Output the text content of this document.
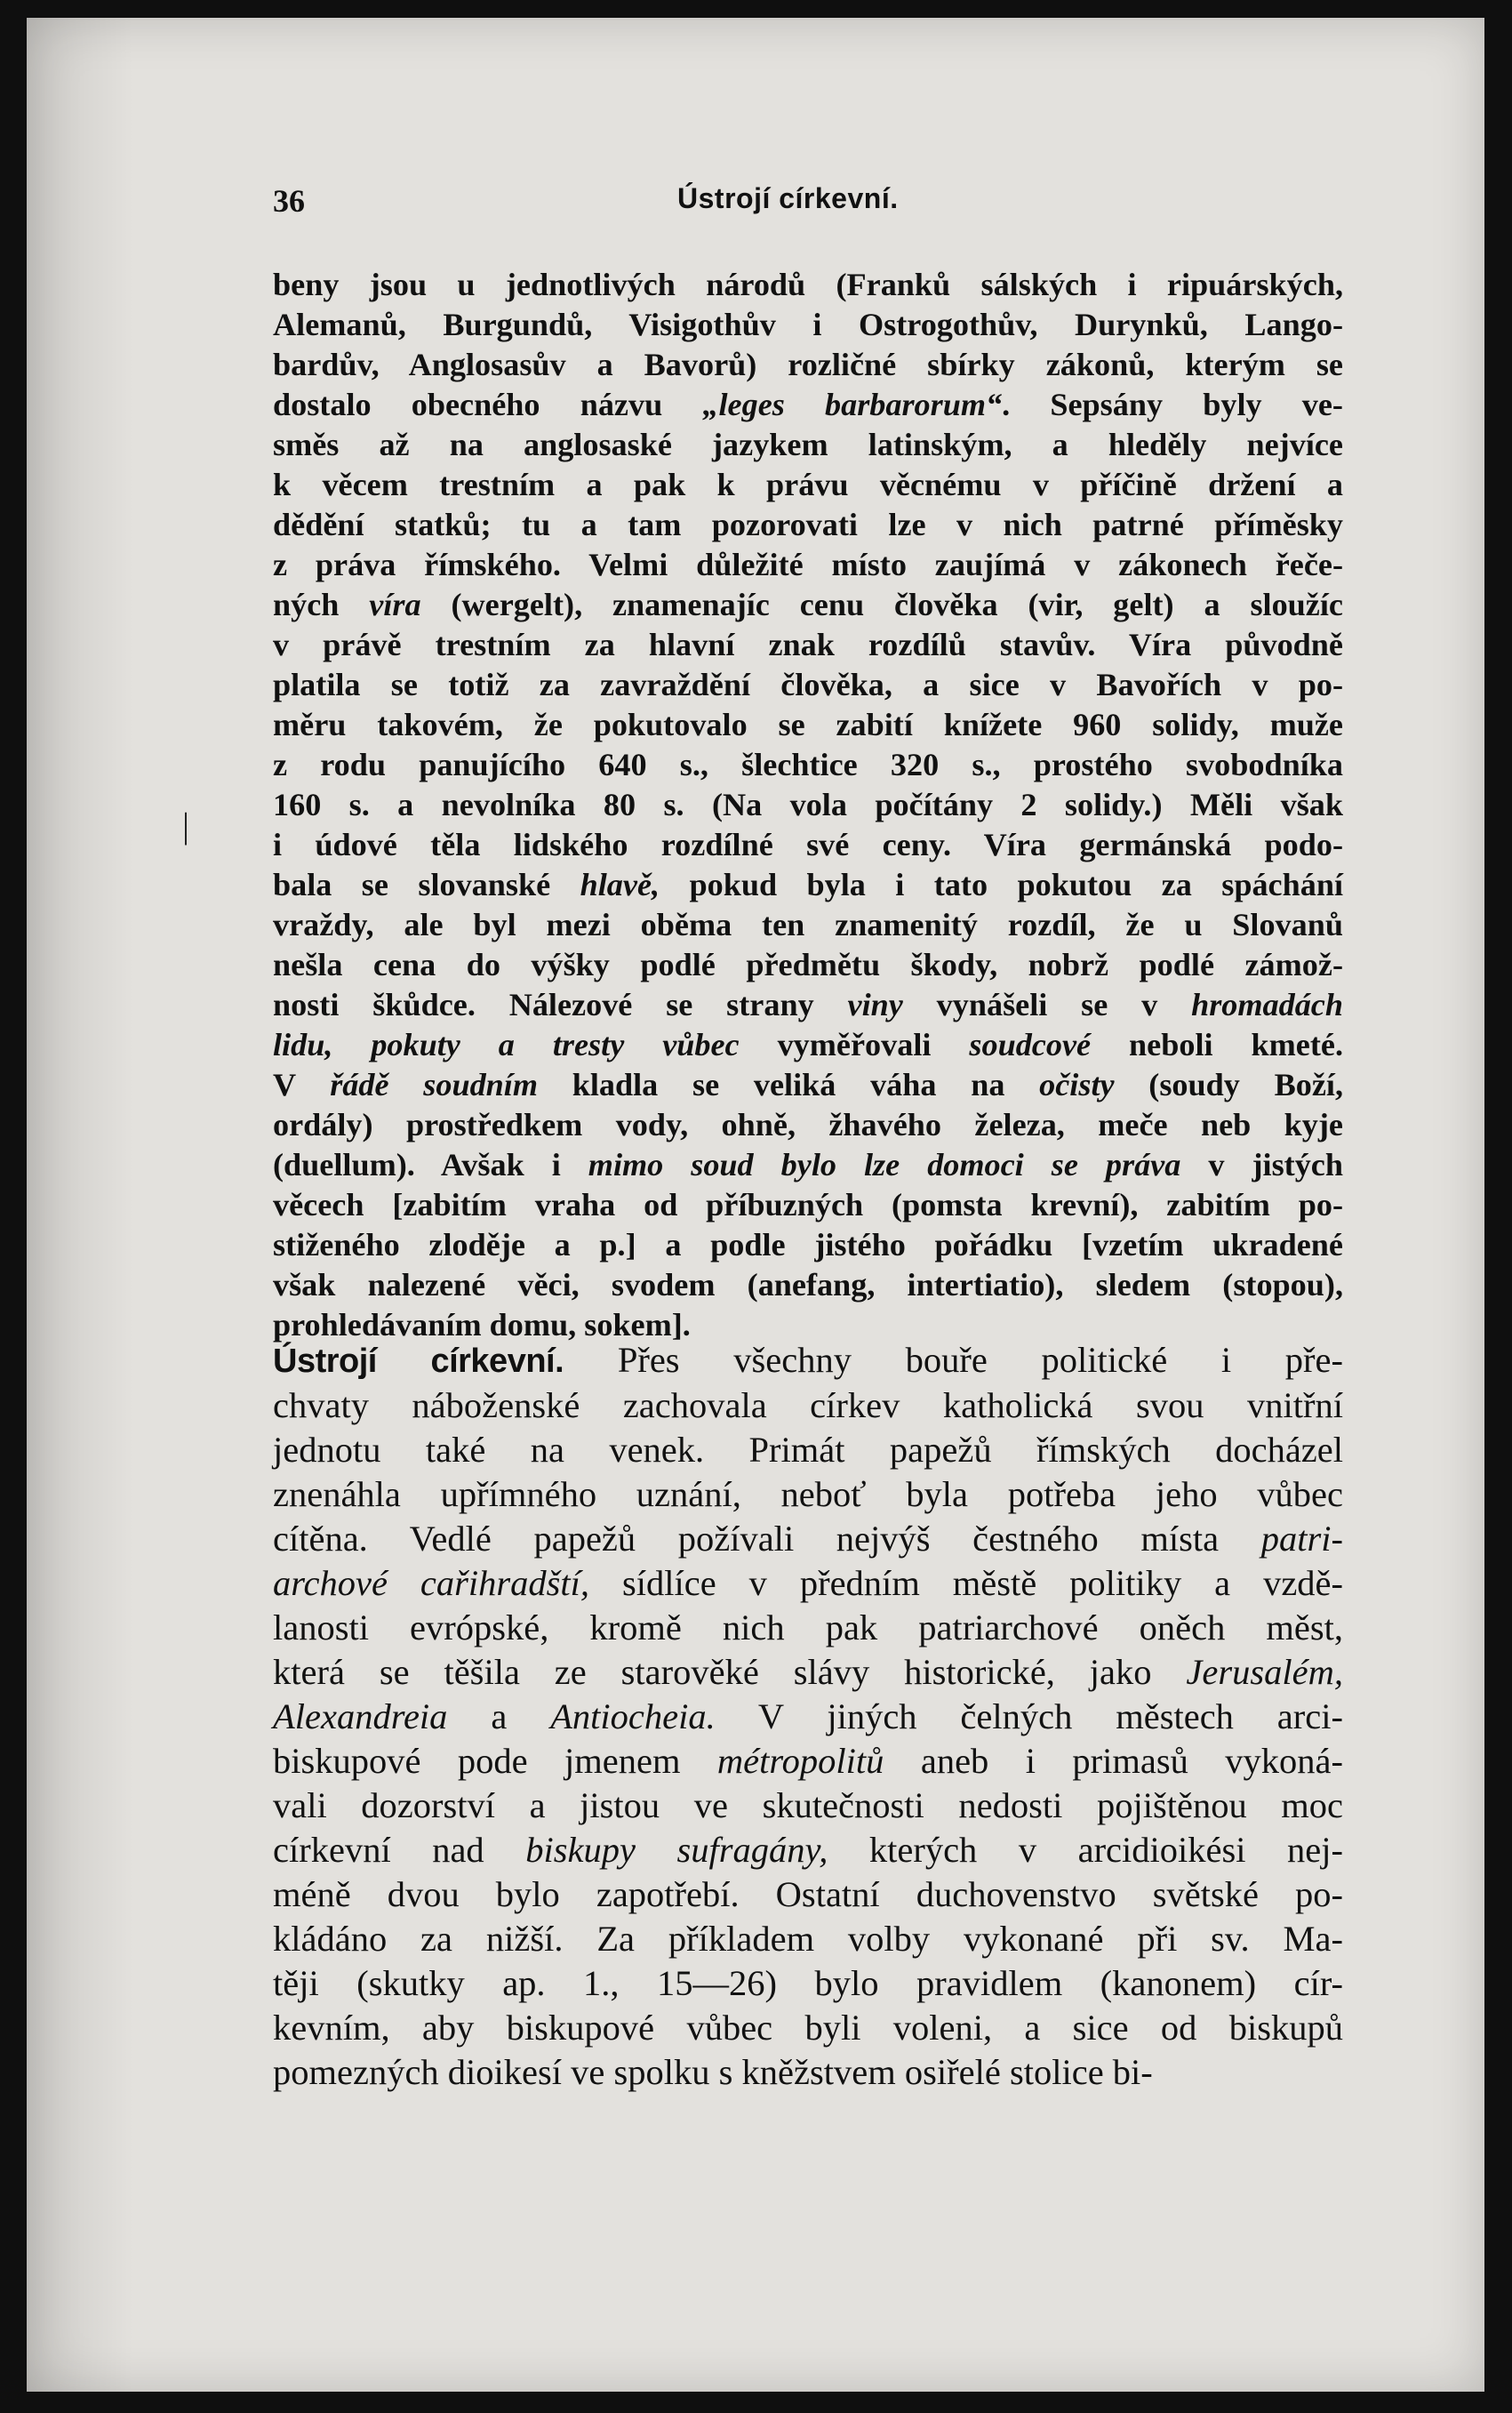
36	Ústrojí církevní.
|

beny jsou u jednotlivých národů (Franků sálských i ripuárských,
Alemanů, Burgundů, Visigothův i Ostrogothův, Durynků, Lango-
bardův, Anglosasův a Bavorů) rozličné sbírky zákonů, kterým se
dostalo obecného názvu „leges barbarorum“. Sepsány byly ve-
směs až na anglosaské jazykem latinským, a hleděly nejvíce
k věcem trestním a pak k právu věcnému v příčině držení a
dědění statků; tu a tam pozorovati lze v nich patrné příměsky
z práva římského. Velmi důležité místo zaujímá v zákonech řeče-
ných víra (wergelt), znamenajíc cenu člověka (vir, gelt) a sloužíc
v právě trestním za hlavní znak rozdílů stavův. Víra původně
platila se totiž za zavraždění člověka, a sice v Bavořích v po-
měru takovém, že pokutovalo se zabití knížete 960 solidy, muže
z rodu panujícího 640 s., šlechtice 320 s., prostého svobodníka
160 s. a nevolníka 80 s. (Na vola počítány 2 solidy.) Měli však
i údové těla lidského rozdílné své ceny. Víra germánská podo-
bala se slovanské hlavě, pokud byla i tato pokutou za spáchání
vraždy, ale byl mezi oběma ten znamenitý rozdíl, že u Slovanů
nešla cena do výšky podlé předmětu škody, nobrž podlé zámož-
nosti škůdce. Nálezové se strany viny vynášeli se v hromadách
lidu, pokuty a tresty vůbec vyměřovali soudcové neboli kmeté.
V řádě soudním kladla se veliká váha na očisty (soudy Boží,
ordály) prostředkem vody, ohně, žhavého železa, meče neb kyje
(duellum). Avšak i mimo soud bylo lze domoci se práva v jistých
věcech [zabitím vraha od příbuzných (pomsta krevní), zabitím po-
stiženého zloděje a p.] a podle jistého pořádku [vzetím ukradené
však nalezené věci, svodem (anefang, intertiatio), sledem (stopou),
prohledávaním domu, sokem].

Ústrojí církevní. Přes všechny bouře politické i pře-
chvaty náboženské zachovala církev katholická svou vnitřní
jednotu také na venek. Primát papežů římských docházel
znenáhla upřímného uznání, neboť byla potřeba jeho vůbec
cítěna. Vedlé papežů požívali nejvýš čestného místa patri-
archové cařihradští, sídlíce v předním městě politiky a vzdě-
lanosti evrópské, kromě nich pak patriarchové oněch měst,
která se těšila ze starověké slávy historické, jako Jerusalém,
Alexandreia a Antiocheia. V jiných čelných městech arci-
biskupové pode jmenem métropolitů aneb i primasů vykoná-
vali dozorství a jistou ve skutečnosti nedosti pojištěnou moc
církevní nad biskupy sufragány, kterých v arcidioikési nej-
méně dvou bylo zapotřebí. Ostatní duchovenstvo světské po-
kládáno za nižší. Za příkladem volby vykonané při sv. Ma-
těji (skutky ap. 1., 15—26) bylo pravidlem (kanonem) cír-
kevním, aby biskupové vůbec byli voleni, a sice od biskupů
pomezných dioikesí ve spolku s kněžstvem osiřelé stolice bi-
